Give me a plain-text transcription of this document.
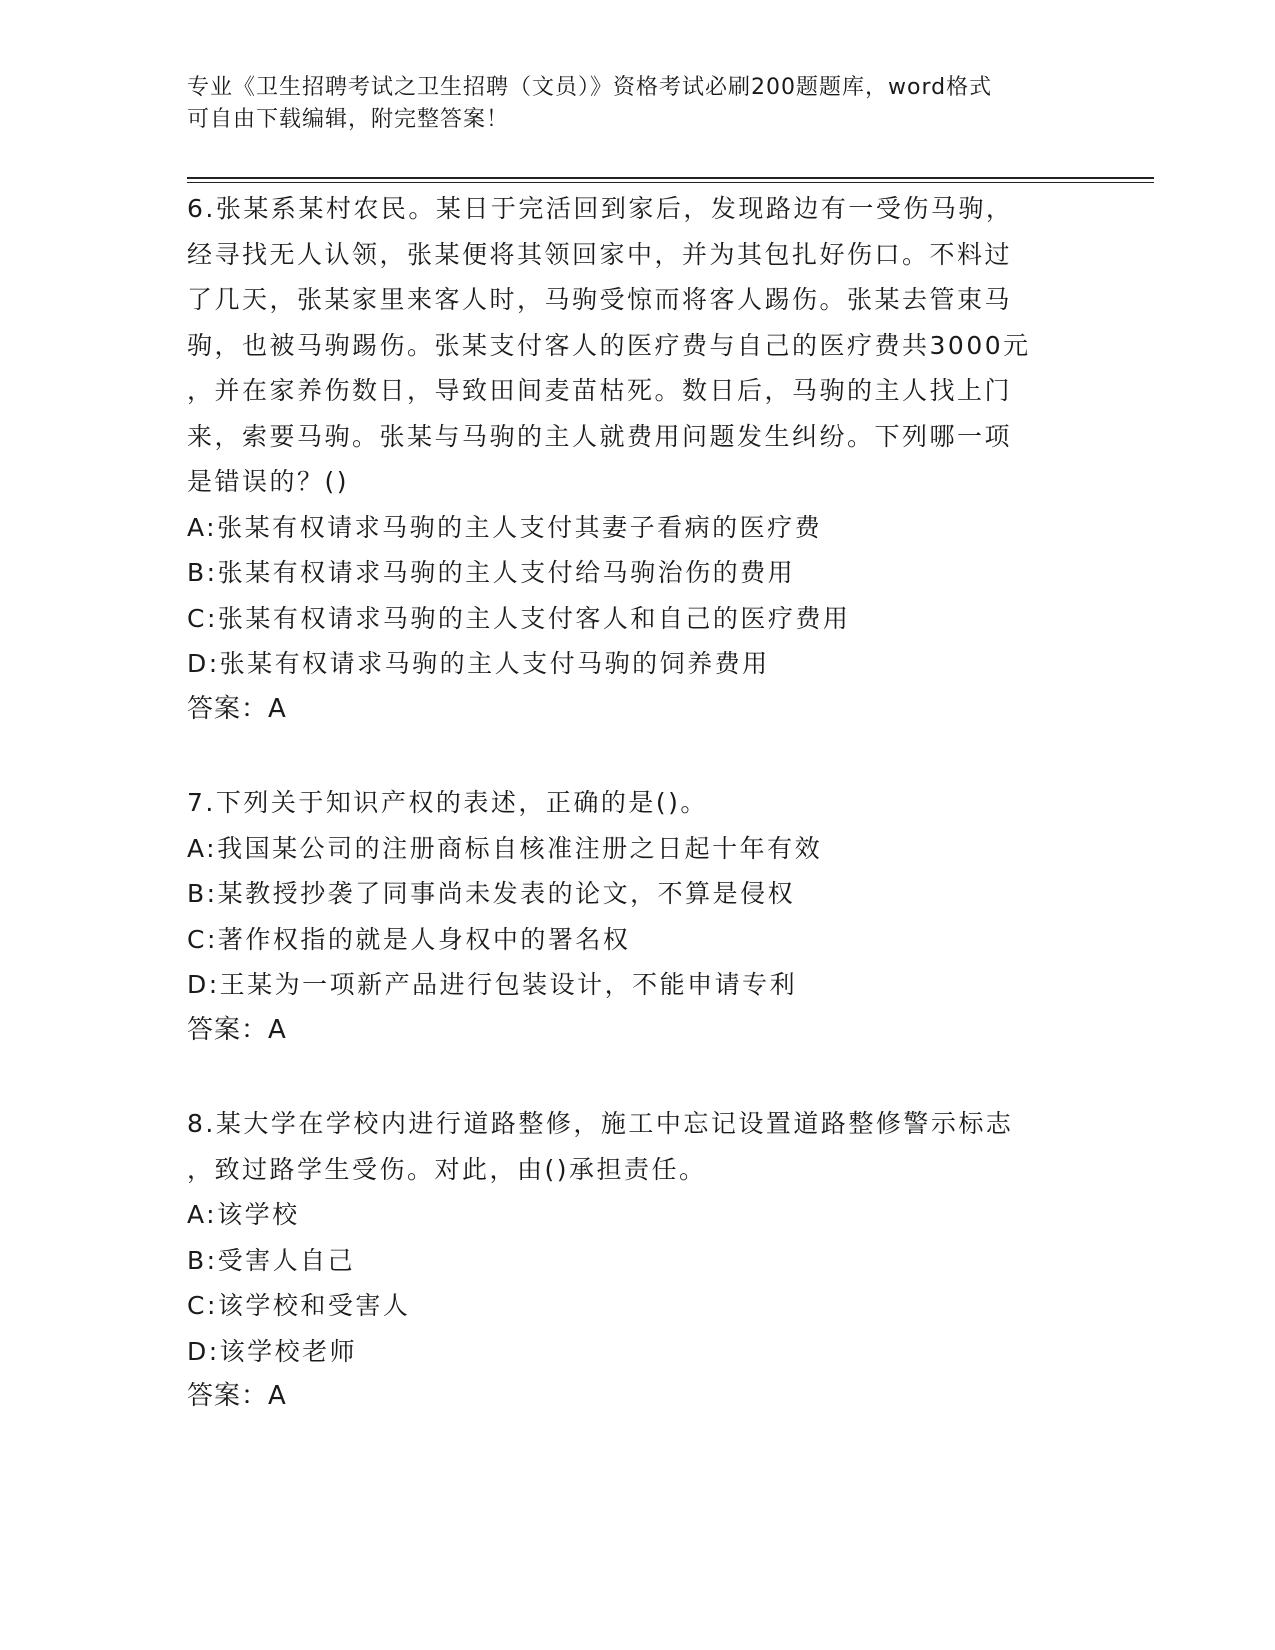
专业《卫生招聘考试之卫生招聘（文员）》资格考试必刷200题题库，word格式
可自由下载编辑，附完整答案！
6.张某系某村农民。某日于完活回到家后，发现路边有一受伤马驹，
经寻找无人认领，张某便将其领回家中，并为其包扎好伤口。不料过
了几天，张某家里来客人时，马驹受惊而将客人踢伤。张某去管束马
驹，也被马驹踢伤。张某支付客人的医疗费与自己的医疗费共3000元
，并在家养伤数日，导致田间麦苗枯死。数日后，马驹的主人找上门
来，索要马驹。张某与马驹的主人就费用问题发生纠纷。下列哪一项
是错误的？()
A:张某有权请求马驹的主人支付其妻子看病的医疗费
B:张某有权请求马驹的主人支付给马驹治伤的费用
C:张某有权请求马驹的主人支付客人和自己的医疗费用
D:张某有权请求马驹的主人支付马驹的饲养费用
答案：A
7.下列关于知识产权的表述，正确的是()。
A:我国某公司的注册商标自核准注册之日起十年有效
B:某教授抄袭了同事尚未发表的论文，不算是侵权
C:著作权指的就是人身权中的署名权
D:王某为一项新产品进行包装设计，不能申请专利
答案：A
8.某大学在学校内进行道路整修，施工中忘记设置道路整修警示标志
，致过路学生受伤。对此，由()承担责任。
A:该学校
B:受害人自己
C:该学校和受害人
D:该学校老师
答案：A
